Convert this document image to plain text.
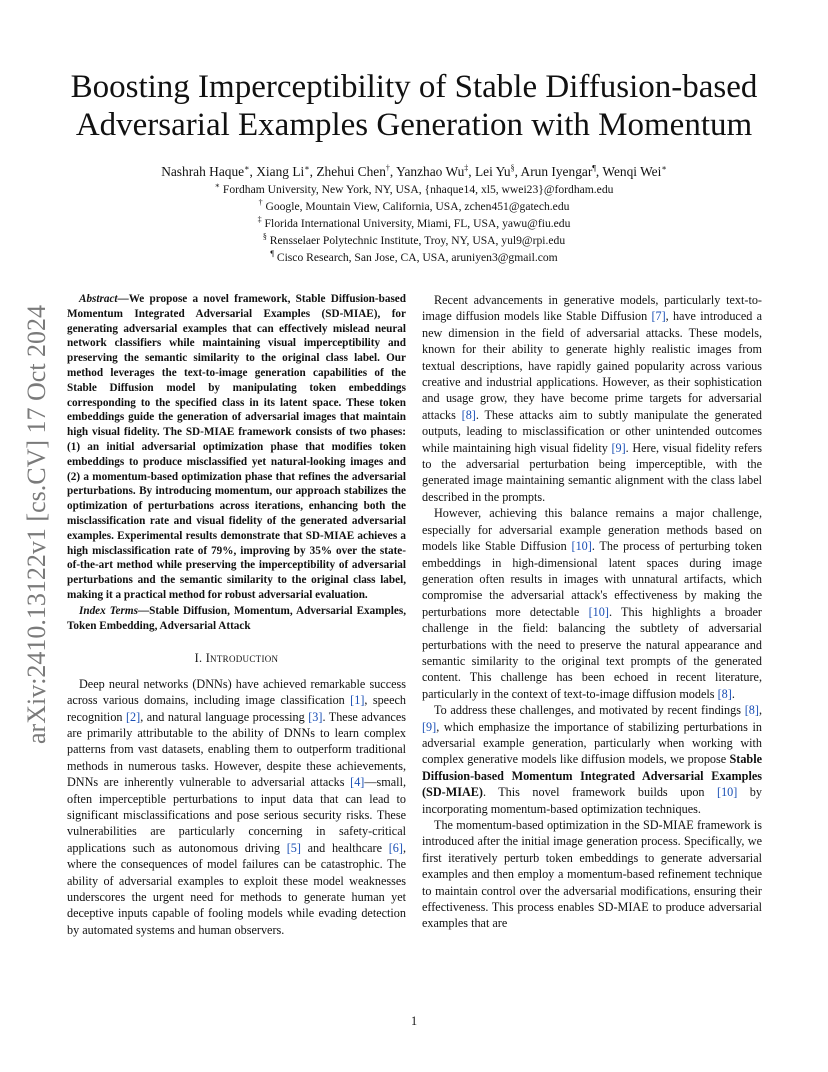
Boosting Imperceptibility of Stable Diffusion-based
Adversarial Examples Generation with Momentum
Nashrah Haque∗, Xiang Li∗, Zhehui Chen†, Yanzhao Wu‡, Lei Yu§, Arun Iyengar¶, Wenqi Wei∗
∗ Fordham University, New York, NY, USA, {nhaque14, xl5, wwei23}@fordham.edu
† Google, Mountain View, California, USA, zchen451@gatech.edu
‡ Florida International University, Miami, FL, USA, yawu@fiu.edu
§ Rensselaer Polytechnic Institute, Troy, NY, USA, yul9@rpi.edu
¶ Cisco Research, San Jose, CA, USA, aruniyen3@gmail.com
arXiv:2410.13122v1 [cs.CV] 17 Oct 2024

Abstract—We propose a novel framework, Stable Diffusion-based Momentum Integrated Adversarial Examples (SD-MIAE), for generating adversarial examples that can effectively mislead neural network classifiers while maintaining visual imperceptibility and preserving the semantic similarity to the original class label. Our method leverages the text-to-image generation capabilities of the Stable Diffusion model by manipulating token embeddings corresponding to the specified class in its latent space. These token embeddings guide the generation of adversarial images that maintain high visual fidelity. The SD-MIAE framework consists of two phases: (1) an initial adversarial optimization phase that modifies token embeddings to produce misclassified yet natural-looking images and (2) a momentum-based optimization phase that refines the adversarial perturbations. By introducing momentum, our approach stabilizes the optimization of perturbations across iterations, enhancing both the misclassification rate and visual fidelity of the generated adversarial examples. Experimental results demonstrate that SD-MIAE achieves a high misclassification rate of 79%, improving by 35% over the state-of-the-art method while preserving the imperceptibility of adversarial perturbations and the semantic similarity to the original class label, making it a practical method for robust adversarial evaluation.

Index Terms—Stable Diffusion, Momentum, Adversarial Examples, Token Embedding, Adversarial Attack

I. Introduction

Deep neural networks (DNNs) have achieved remarkable success across various domains, including image classification [1], speech recognition [2], and natural language processing [3]. These advances are primarily attributable to the ability of DNNs to learn complex patterns from vast datasets, enabling them to outperform traditional methods in numerous tasks. However, despite these achievements, DNNs are inherently vulnerable to adversarial attacks [4]—small, often imperceptible perturbations to input data that can lead to significant misclassifications and pose serious security risks. These vulnerabilities are particularly concerning in safety-critical applications such as autonomous driving [5] and healthcare [6], where the consequences of model failures can be catastrophic. The ability of adversarial examples to exploit these model weaknesses underscores the urgent need for methods to generate human yet deceptive inputs capable of fooling models while evading detection by automated systems and human observers.

Recent advancements in generative models, particularly text-to-image diffusion models like Stable Diffusion [7], have introduced a new dimension in the field of adversarial attacks. These models, known for their ability to generate highly realistic images from textual descriptions, have rapidly gained popularity across various creative and industrial applications. However, as their sophistication and usage grow, they have become prime targets for adversarial attacks [8]. These attacks aim to subtly manipulate the generated outputs, leading to misclassification or other unintended outcomes while maintaining high visual fidelity [9]. Here, visual fidelity refers to the adversarial perturbation being imperceptible, with the generated image maintaining semantic alignment with the class label described in the prompts.

However, achieving this balance remains a major challenge, especially for adversarial example generation methods based on models like Stable Diffusion [10]. The process of perturbing token embeddings in high-dimensional latent spaces during image generation often results in images with unnatural artifacts, which compromise the adversarial attack's effectiveness by making the perturbations more detectable [10]. This highlights a broader challenge in the field: balancing the subtlety of adversarial perturbations with the need to preserve the natural appearance and semantic similarity to the original text prompts of the generated content. This challenge has been echoed in recent literature, particularly in the context of text-to-image diffusion models [8].

To address these challenges, and motivated by recent findings [8], [9], which emphasize the importance of stabilizing perturbations in adversarial example generation, particularly when working with complex generative models like diffusion models, we propose Stable Diffusion-based Momentum Integrated Adversarial Examples (SD-MIAE). This novel framework builds upon [10] by incorporating momentum-based optimization techniques.

The momentum-based optimization in the SD-MIAE framework is introduced after the initial image generation process. Specifically, we first iteratively perturb token embeddings to generate adversarial examples and then employ a momentum-based refinement technique to maintain control over the adversarial modifications, ensuring their effectiveness. This process enables SD-MIAE to produce adversarial examples that are

1
